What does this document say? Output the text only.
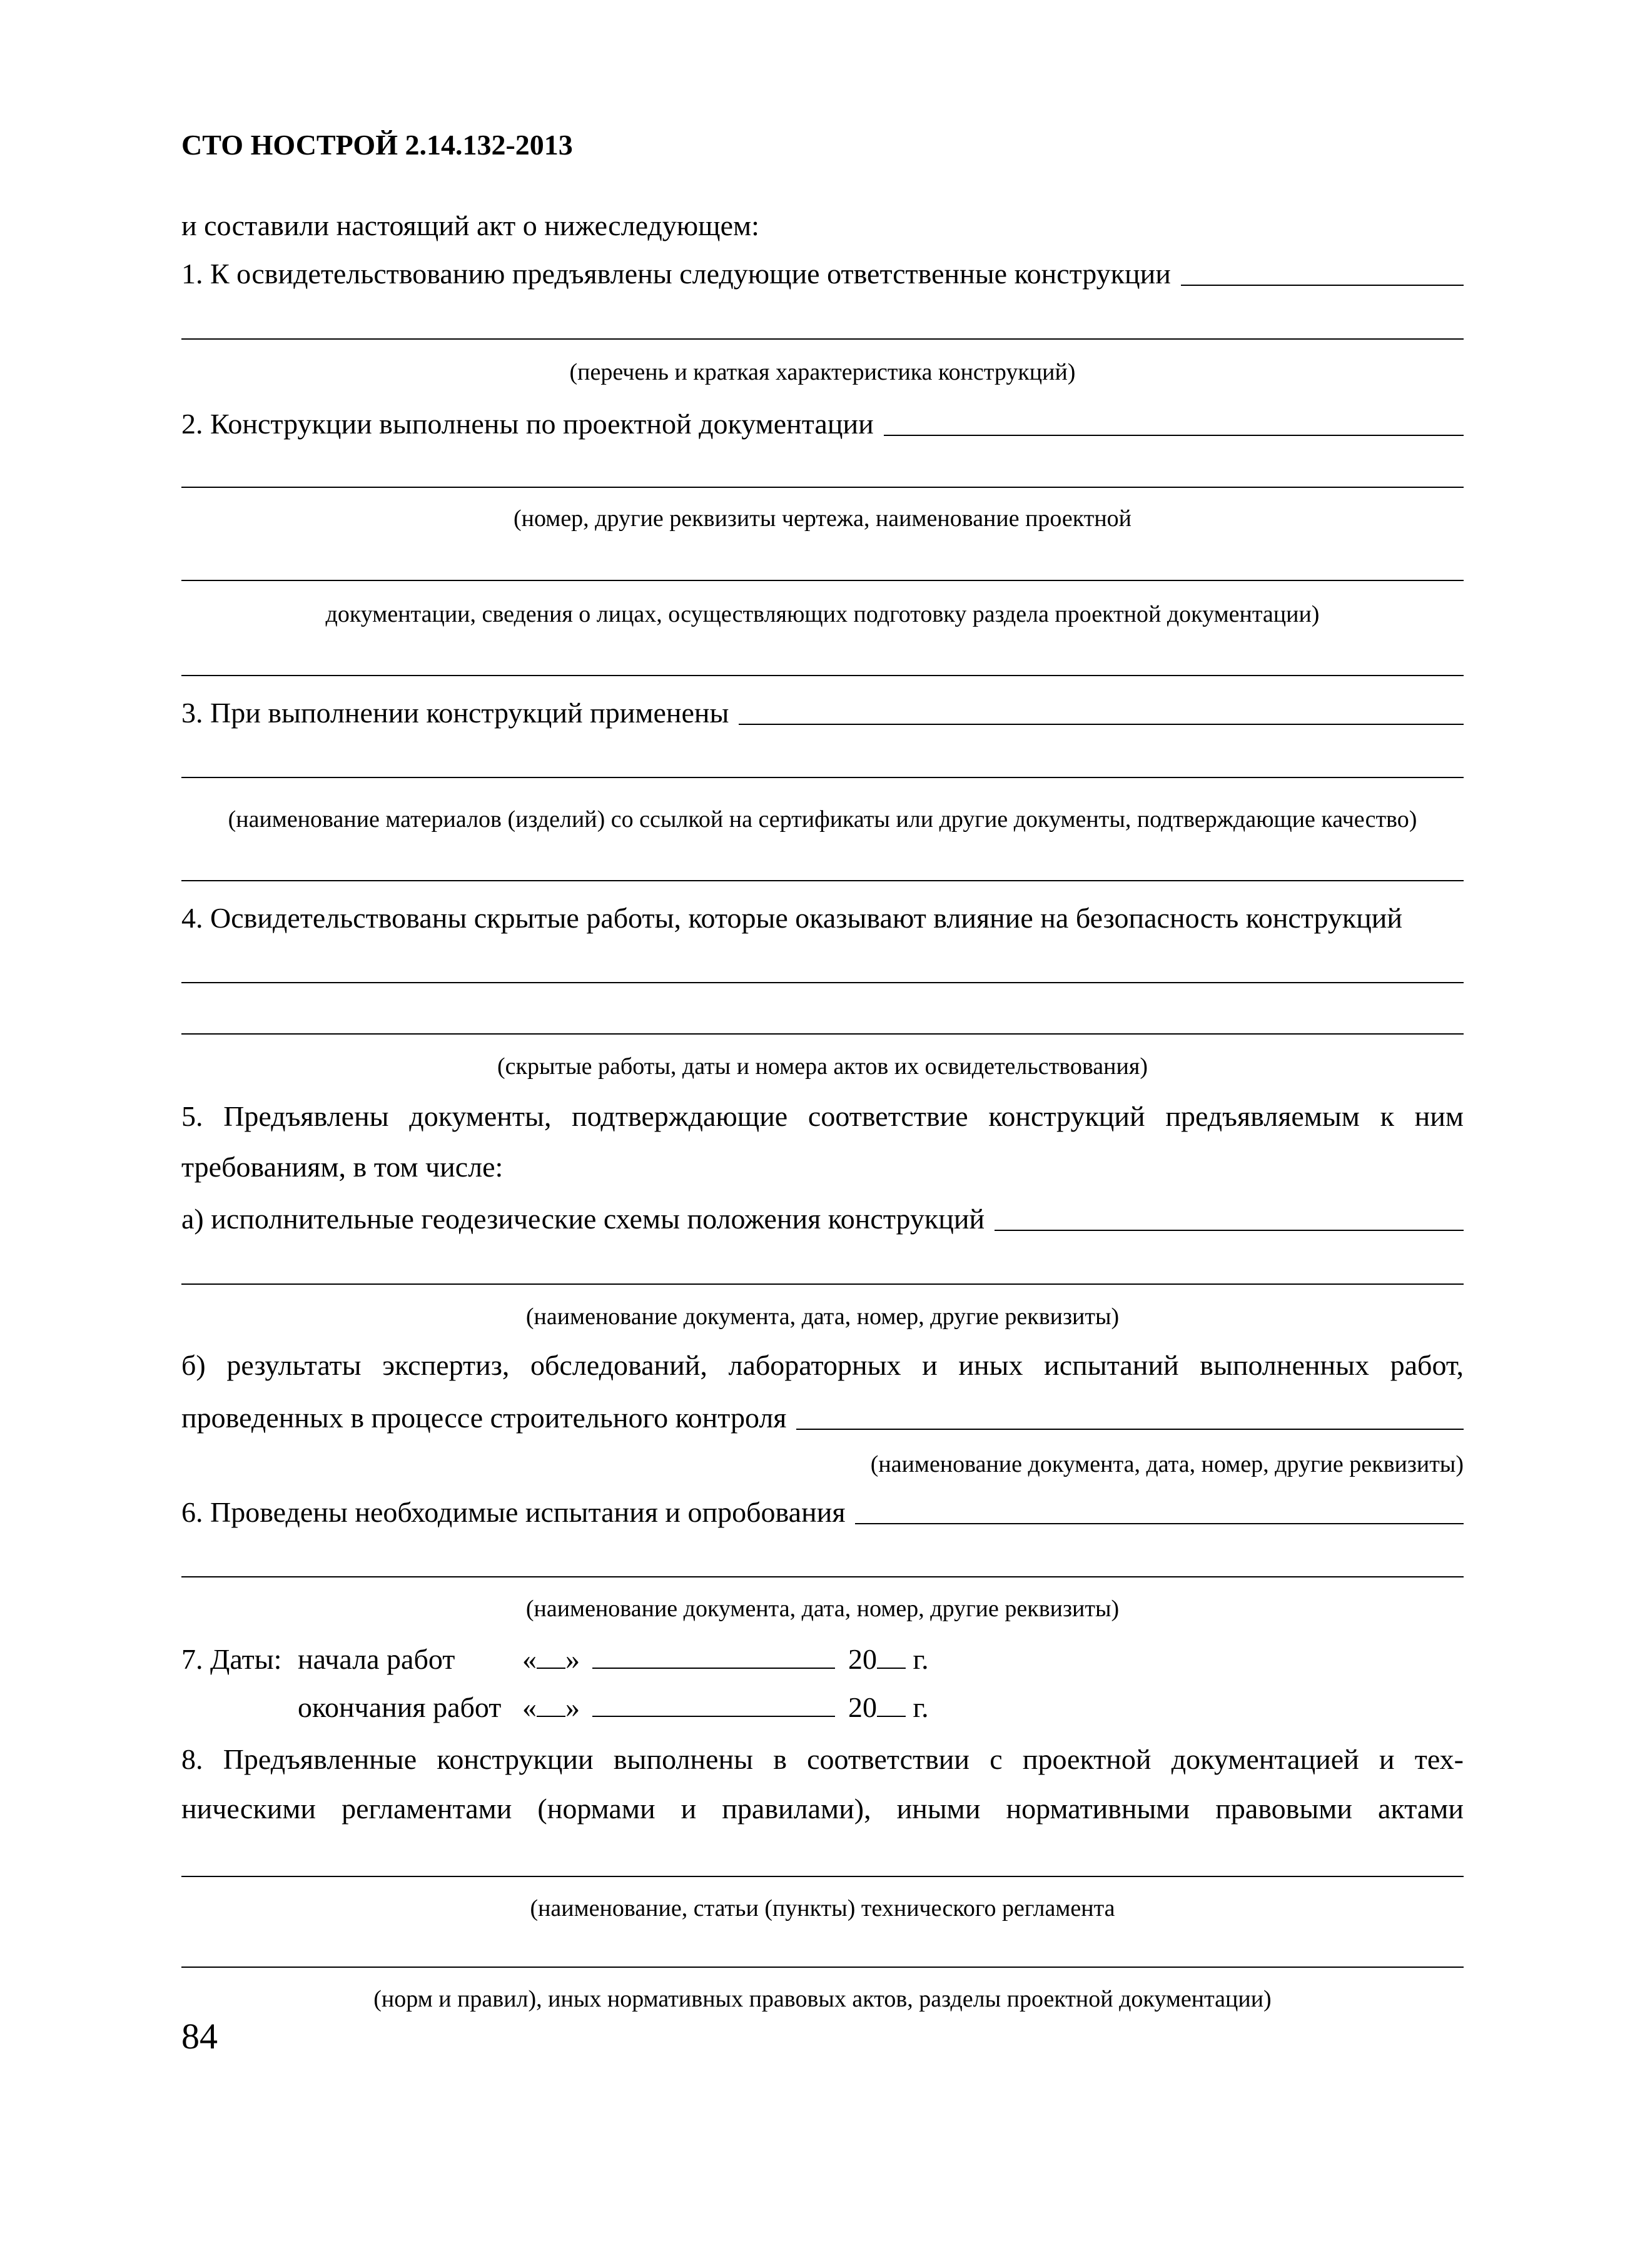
СТО НОСТРОЙ 2.14.132-2013
и составили настоящий акт о нижеследующем:
1. К освидетельствованию предъявлены следующие ответственные конструкции
(перечень и краткая характеристика конструкций)
2. Конструкции выполнены по проектной документации
(номер, другие реквизиты чертежа, наименование проектной
документации, сведения о лицах, осуществляющих подготовку раздела проектной документации)
3. При выполнении конструкций применены
(наименование материалов (изделий) со ссылкой на сертификаты или другие документы, подтверждающие качество)
4. Освидетельствованы скрытые работы, которые оказывают влияние на безопасность конструкций
(скрытые работы, даты и номера актов их освидетельствования)
5. Предъявлены документы, подтверждающие соответствие конструкций предъявляемым к ним
требованиям, в том числе:
а) исполнительные геодезические схемы положения конструкций
(наименование документа, дата, номер, другие реквизиты)
б) результаты экспертиз, обследований, лабораторных и иных испытаний выполненных работ,
проведенных в процессе строительного контроля
(наименование документа, дата, номер, другие реквизиты)
6. Проведены необходимые испытания и опробования
(наименование документа, дата, номер, другие реквизиты)
7. Даты: начала работ « »	20 г.
окончания работ « »	20 г.
8. Предъявленные конструкции выполнены в соответствии с проектной документацией и тех-
ническими регламентами (нормами и правилами), иными нормативными правовыми актами
(наименование, статьи (пункты) технического регламента
(норм и правил), иных нормативных правовых актов, разделы проектной документации)
84
